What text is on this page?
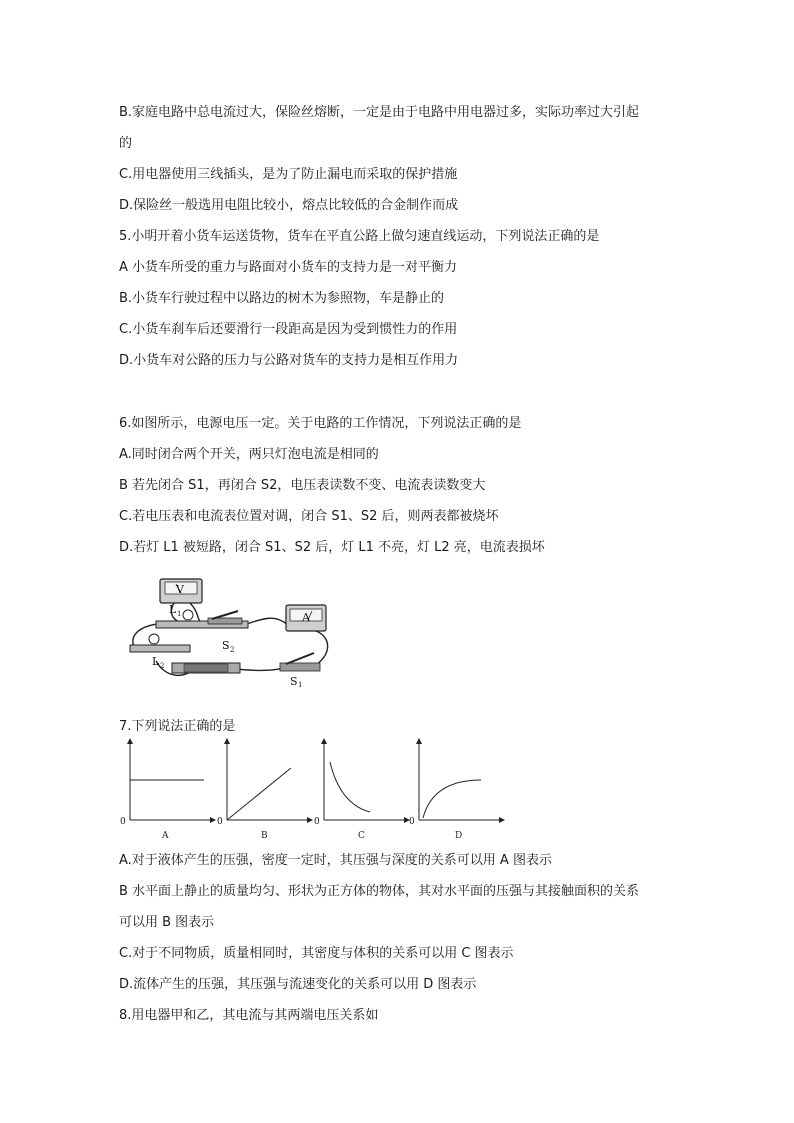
B.家庭电路中总电流过大，保险丝熔断，一定是由于电路中用电器过多，实际功率过大引起
的
C.用电器使用三线插头，是为了防止漏电而采取的保护措施
D.保险丝一般选用电阻比较小，熔点比较低的合金制作而成
5.小明开着小货车运送货物，货车在平直公路上做匀速直线运动，下列说法正确的是
A 小货车所受的重力与路面对小货车的支持力是一对平衡力
B.小货车行驶过程中以路边的树木为参照物，车是静止的
C.小货车刹车后还要滑行一段距高是因为受到惯性力的作用
D.小货车对公路的压力与公路对货车的支持力是相互作用力
6.如图所示，电源电压一定。关于电路的工作情况，下列说法正确的是
A.同时闭合两个开关，两只灯泡电流是相同的
B 若先闭合 S1，再闭合 S2，电压表读数不变、电流表读数变大
C.若电压表和电流表位置对调，闭合 S1、S2 后，则两表都被烧坏
D.若灯 L1 被短路，闭合 S1、S2 后，灯 L1 不亮，灯 L2 亮，电流表损坏
7.下列说法正确的是
A.对于液体产生的压强，密度一定时，其压强与深度的关系可以用 A 图表示
B 水平面上静止的质量均匀、形状为正方体的物体，其对水平面的压强与其接触面积的关系
可以用 B 图表示
C.对于不同物质，质量相同时，其密度与体积的关系可以用 C 图表示
D.流体产生的压强，其压强与流速变化的关系可以用 D 图表示
8.用电器甲和乙，其电流与其两端电压关系如
V
L 1
S 2
A
L 2
S 1
0
A
0
B
0
C
0
D
